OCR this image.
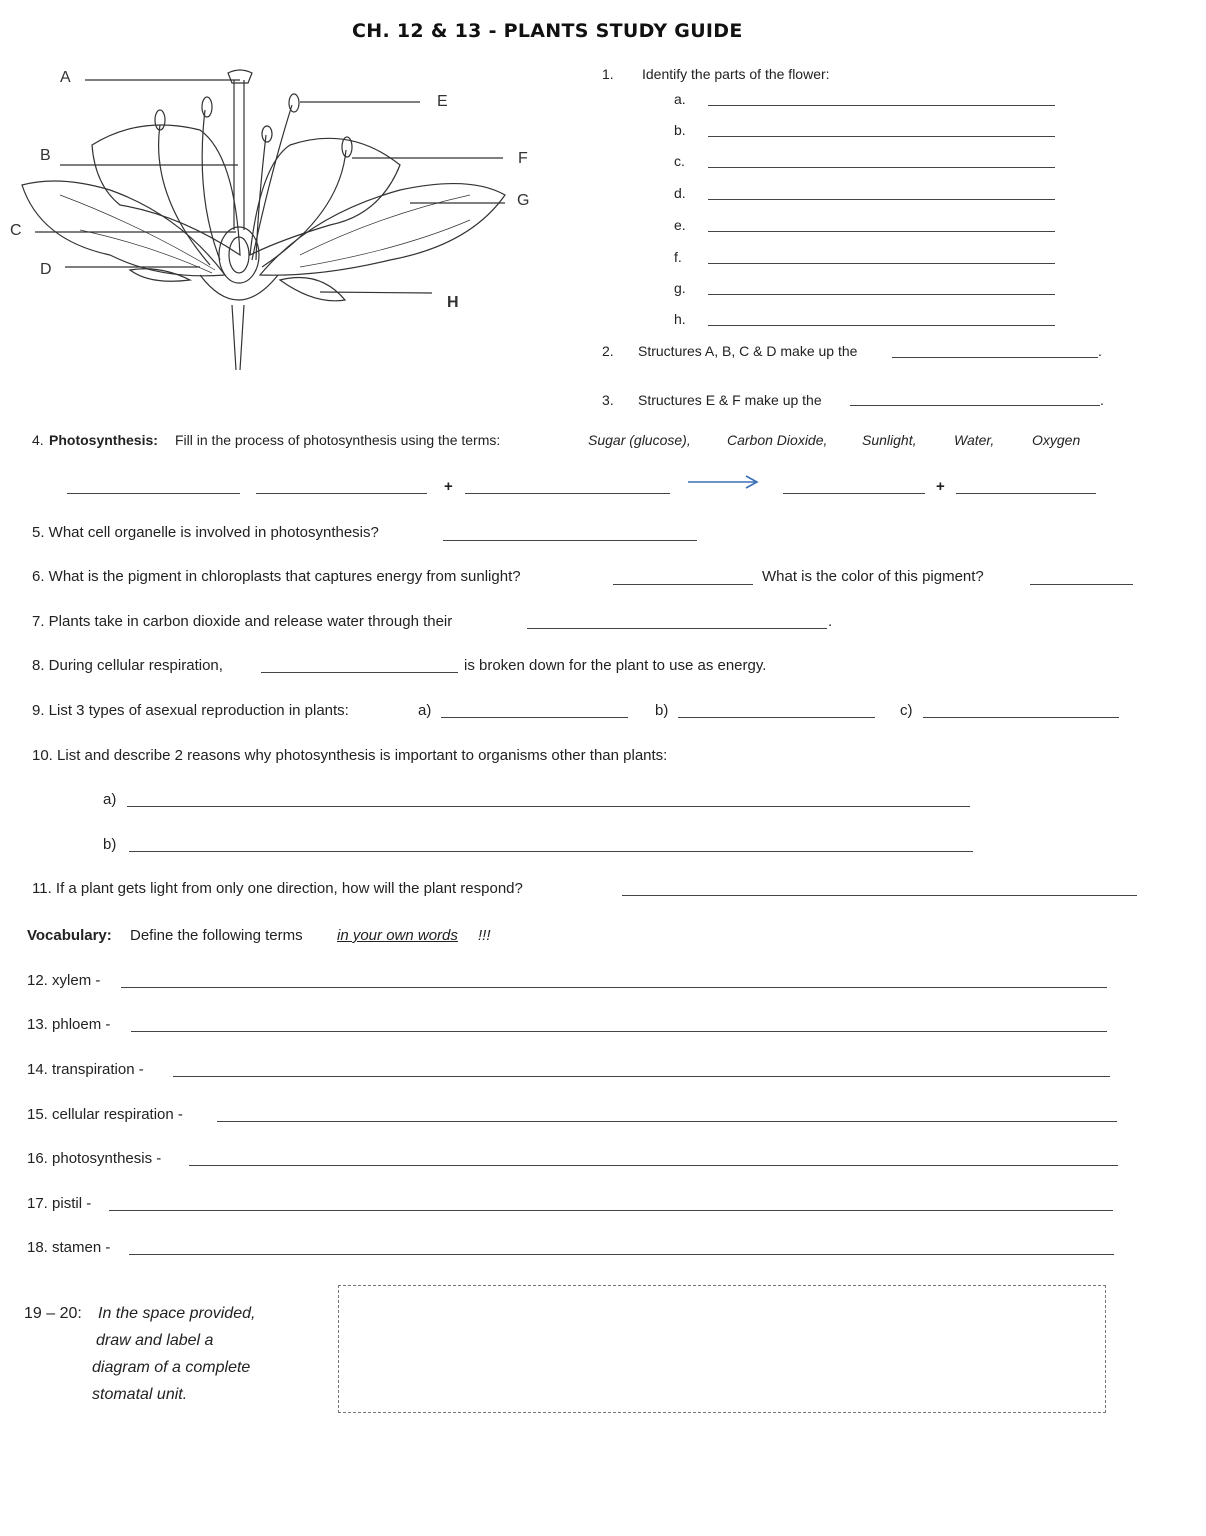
CH. 12 & 13 - PLANTS STUDY GUIDE
A
B
C
D
E
F
G
H
1. Identify the parts of the flower:
a.
b.
c.
d.
e.
f.
g.
h.
2. Structures A, B, C & D make up the	.
3. Structures E & F make up the	.
4. Photosynthesis: Fill in the process of photosynthesis using the terms:	Sugar (glucose),	Carbon Dioxide, Sunlight,	Water,	Oxygen
+	+
5. What cell organelle is involved in photosynthesis?
6. What is the pigment in chloroplasts that captures energy from sunlight?	What is the color of this pigment?
7. Plants take in carbon dioxide and release water through their	.
8. During cellular respiration,	is broken down for the plant to use as energy.
9. List 3 types of asexual reproduction in plants:	a)	b)	c)
10. List and describe 2 reasons why photosynthesis is important to organisms other than plants:
a)
b)
11. If a plant gets light from only one direction, how will the plant respond?
Vocabulary: Define the following terms in your own words !!!
12. xylem -
13. phloem -
14. transpiration -
15. cellular respiration -
16. photosynthesis -
17. pistil -
18. stamen -
19 – 20: In the space provided,
draw and label a
diagram of a complete
stomatal unit.
